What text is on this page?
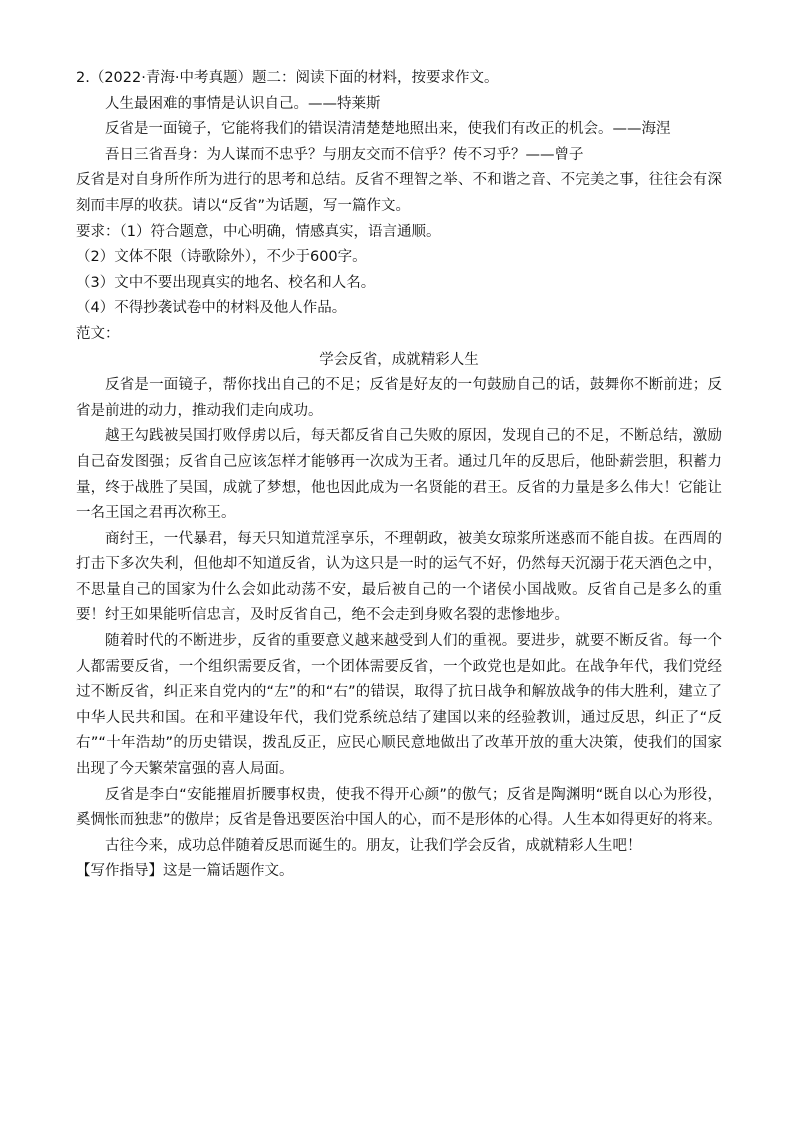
2.（2022·青海·中考真题）题二：阅读下面的材料，按要求作文。

人生最困难的事情是认识自己。——特莱斯

反省是一面镜子，它能将我们的错误清清楚楚地照出来，使我们有改正的机会。——海涅

吾日三省吾身：为人谋而不忠乎？与朋友交而不信乎？传不习乎？——曾子

反省是对自身所作所为进行的思考和总结。反省不理智之举、不和谐之音、不完美之事，往往会有深刻而丰厚的收获。请以“反省”为话题，写一篇作文。

要求：（1）符合题意，中心明确，情感真实，语言通顺。

（2）文体不限（诗歌除外），不少于600字。

（3）文中不要出现真实的地名、校名和人名。

（4）不得抄袭试卷中的材料及他人作品。

范文：

学会反省，成就精彩人生

反省是一面镜子，帮你找出自己的不足；反省是好友的一句鼓励自己的话，鼓舞你不断前进；反省是前进的动力，推动我们走向成功。

越王勾践被吴国打败俘虏以后，每天都反省自己失败的原因，发现自己的不足，不断总结，激励自己奋发图强；反省自己应该怎样才能够再一次成为王者。通过几年的反思后，他卧薪尝胆，积蓄力量，终于战胜了吴国，成就了梦想，他也因此成为一名贤能的君王。反省的力量是多么伟大！它能让一名王国之君再次称王。

商纣王，一代暴君，每天只知道荒淫享乐，不理朝政，被美女琼浆所迷惑而不能自拔。在西周的打击下多次失利，但他却不知道反省，认为这只是一时的运气不好，仍然每天沉溺于花天酒色之中，不思量自己的国家为什么会如此动荡不安，最后被自己的一个诸侯小国战败。反省自己是多么的重要！纣王如果能听信忠言，及时反省自己，绝不会走到身败名裂的悲惨地步。

随着时代的不断进步，反省的重要意义越来越受到人们的重视。要进步，就要不断反省。每一个人都需要反省，一个组织需要反省，一个团体需要反省，一个政党也是如此。在战争年代，我们党经过不断反省，纠正来自党内的“左”的和“右”的错误，取得了抗日战争和解放战争的伟大胜利，建立了中华人民共和国。在和平建设年代，我们党系统总结了建国以来的经验教训，通过反思，纠正了“反右”“十年浩劫”的历史错误，拨乱反正，应民心顺民意地做出了改革开放的重大决策，使我们的国家出现了今天繁荣富强的喜人局面。

反省是李白“安能摧眉折腰事权贵，使我不得开心颜”的傲气；反省是陶渊明“既自以心为形役，奚惆怅而独悲”的傲岸；反省是鲁迅要医治中国人的心，而不是形体的心得。人生本如得更好的将来。

古往今来，成功总伴随着反思而诞生的。朋友，让我们学会反省，成就精彩人生吧！

【写作指导】这是一篇话题作文。
